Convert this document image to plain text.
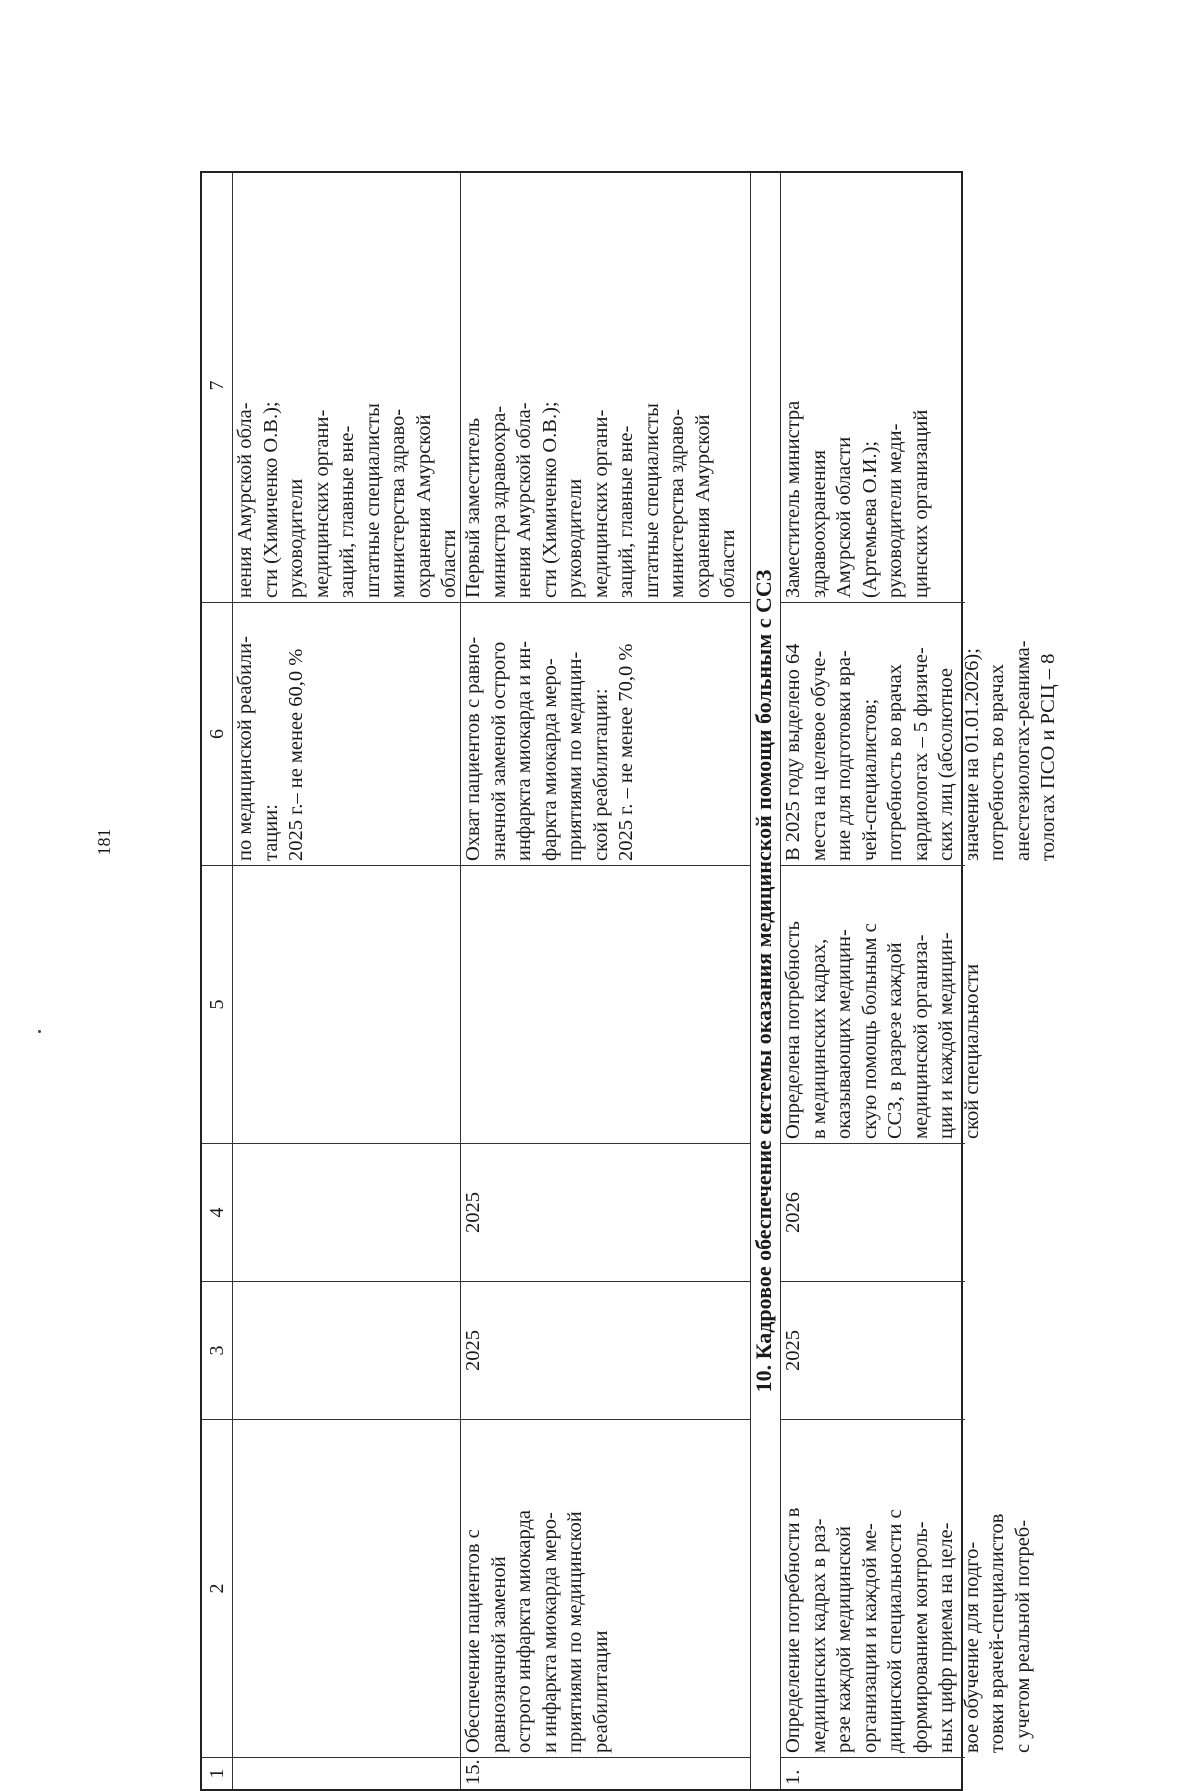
181
1
2
3
4
5
6
7
по медицинской реабили-
тации:
2025 г.– не менее 60,0 %
нения Амурской обла-
сти (Химиченко О.В.);
руководители
медицинских органи-
заций, главные вне-
штатные специалисты
министерства здраво-
охранения Амурской
области
15.
Обеспечение пациентов с
равнозначной заменой
острого инфаркта миокарда
и инфаркта миокарда меро-
приятиями по медицинской
реабилитации
2025
2025
Охват пациентов с равно-
значной заменой острого
инфаркта миокарда и ин-
фаркта миокарда меро-
приятиями по медицин-
ской реабилитации:
2025 г. – не менее 70,0 %
Первый заместитель
министра здравоохра-
нения Амурской обла-
сти (Химиченко О.В.);
руководители
медицинских органи-
заций, главные вне-
штатные специалисты
министерства здраво-
охранения Амурской
области
10. Кадровое обеспечение системы оказания медицинской помощи больным с ССЗ
1.
Определение потребности в
медицинских кадрах в раз-
резе каждой медицинской
организации и каждой ме-
дицинской специальности с
формированием контроль-
ных цифр приема на целе-
вое обучение для подго-
товки врачей-специалистов
с учетом реальной потреб-
2025
2026
Определена потребность
в медицинских кадрах,
оказывающих медицин-
скую помощь больным с
ССЗ, в разрезе каждой
медицинской организа-
ции и каждой медицин-
ской специальности
В 2025 году выделено 64
места на целевое обуче-
ние для подготовки вра-
чей-специалистов;
потребность во врачах
кардиологах – 5 физиче-
ских лиц (абсолютное
значение на 01.01.2026);
потребность во врачах
анестезиологах-реанима-
тологах ПСО и РСЦ – 8
Заместитель министра
здравоохранения
Амурской области
(Артемьева О.И.);
руководители меди-
цинских организаций
